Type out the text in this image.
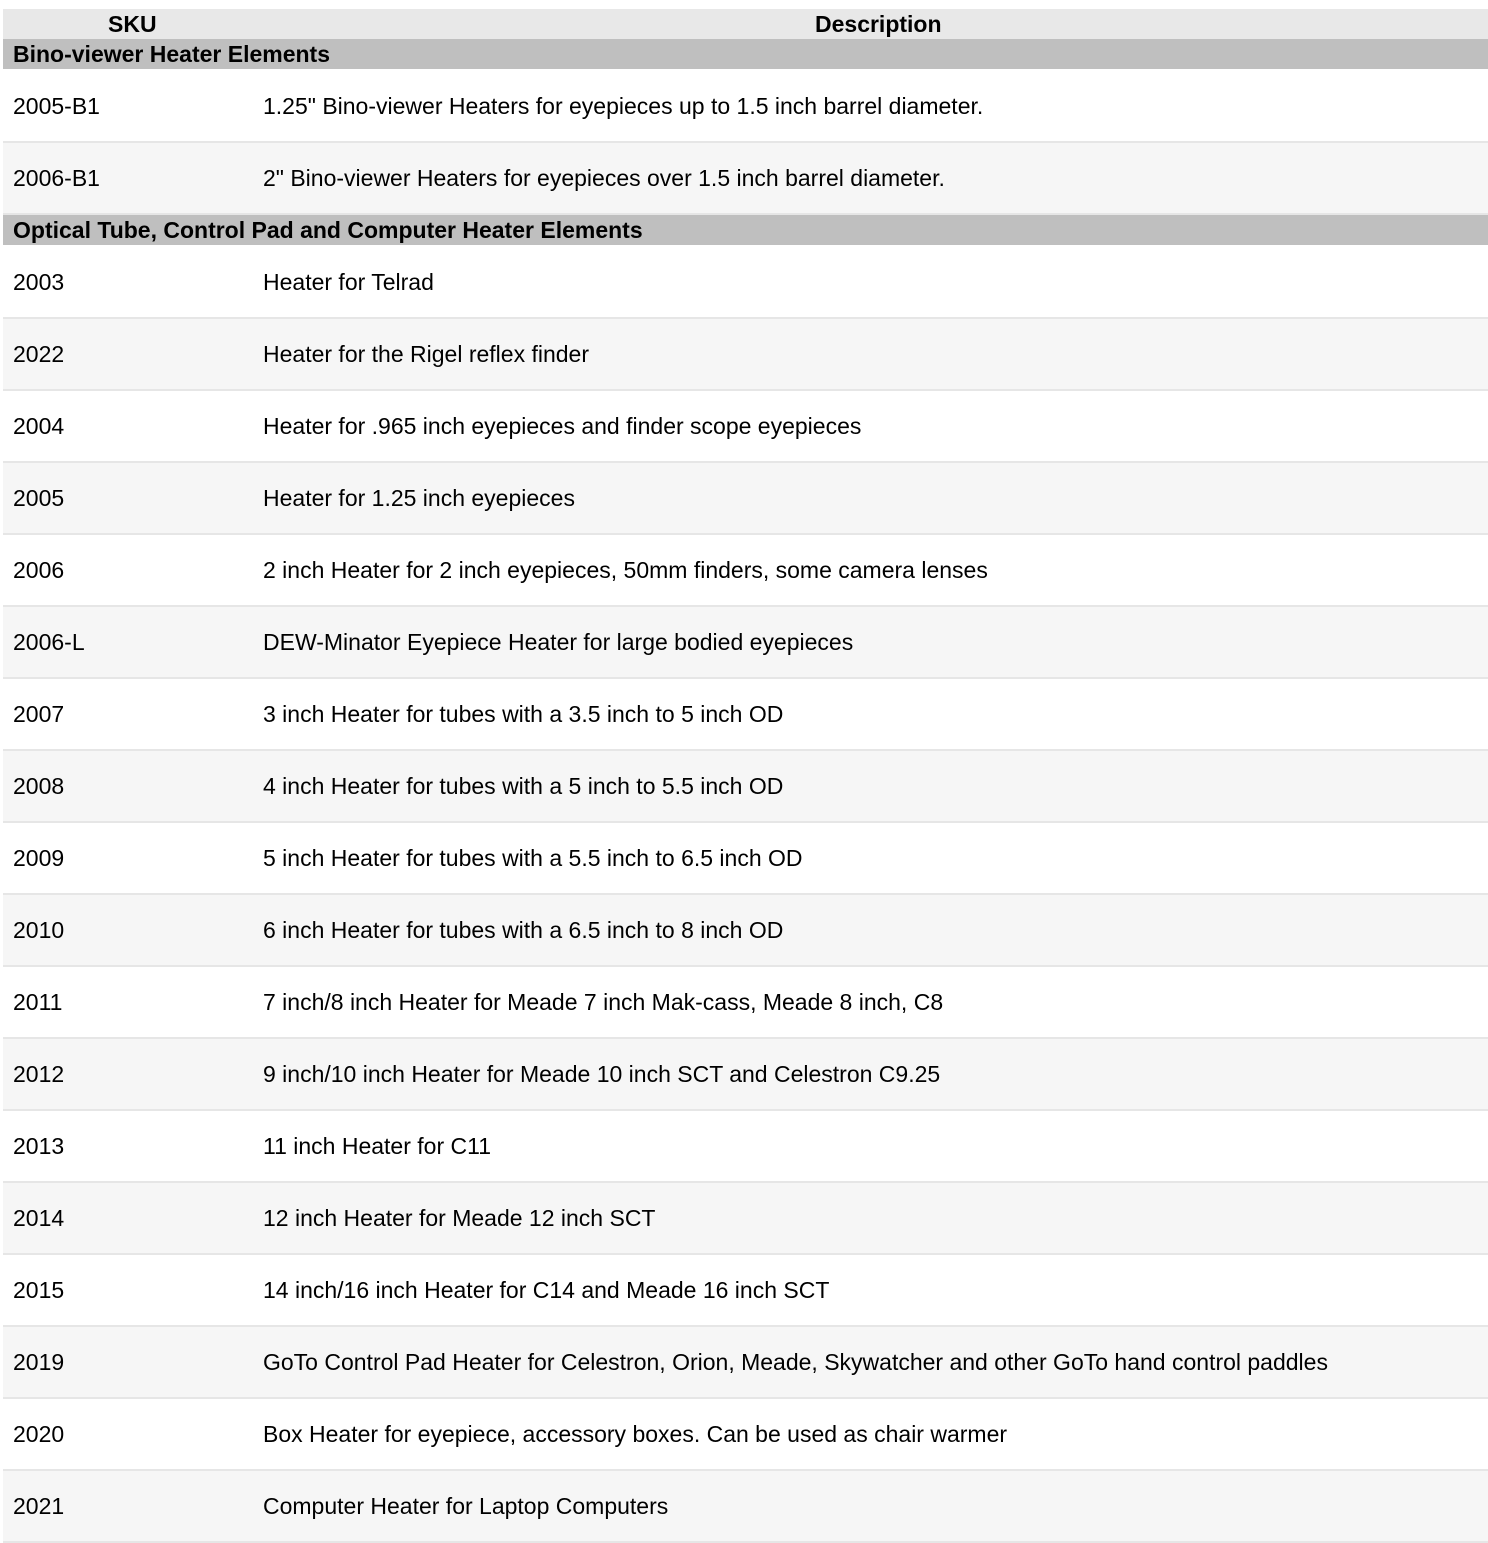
SKU	Description
Bino-viewer Heater Elements	
2005-B1	1.25" Bino-viewer Heaters for eyepieces up to 1.5 inch barrel diameter.
2006-B1	2" Bino-viewer Heaters for eyepieces over 1.5 inch barrel diameter.
Optical Tube, Control Pad and Computer Heater Elements	
2003	Heater for Telrad
2022	Heater for the Rigel reflex finder
2004	Heater for .965 inch eyepieces and finder scope eyepieces
2005	Heater for 1.25 inch eyepieces
2006	2 inch Heater for 2 inch eyepieces, 50mm finders, some camera lenses
2006-L	DEW-Minator Eyepiece Heater for large bodied eyepieces
2007	3 inch Heater for tubes with a 3.5 inch to 5 inch OD
2008	4 inch Heater for tubes with a 5 inch to 5.5 inch OD
2009	5 inch Heater for tubes with a 5.5 inch to 6.5 inch OD
2010	6 inch Heater for tubes with a 6.5 inch to 8 inch OD
2011	7 inch/8 inch Heater for Meade 7 inch Mak-cass, Meade 8 inch, C8
2012	9 inch/10 inch Heater for Meade 10 inch SCT and Celestron C9.25
2013	11 inch Heater for C11
2014	12 inch Heater for Meade 12 inch SCT
2015	14 inch/16 inch Heater for C14 and Meade 16 inch SCT
2019	GoTo Control Pad Heater for Celestron, Orion, Meade, Skywatcher and other GoTo hand control paddles
2020	Box Heater for eyepiece, accessory boxes. Can be used as chair warmer
2021	Computer Heater for Laptop Computers
